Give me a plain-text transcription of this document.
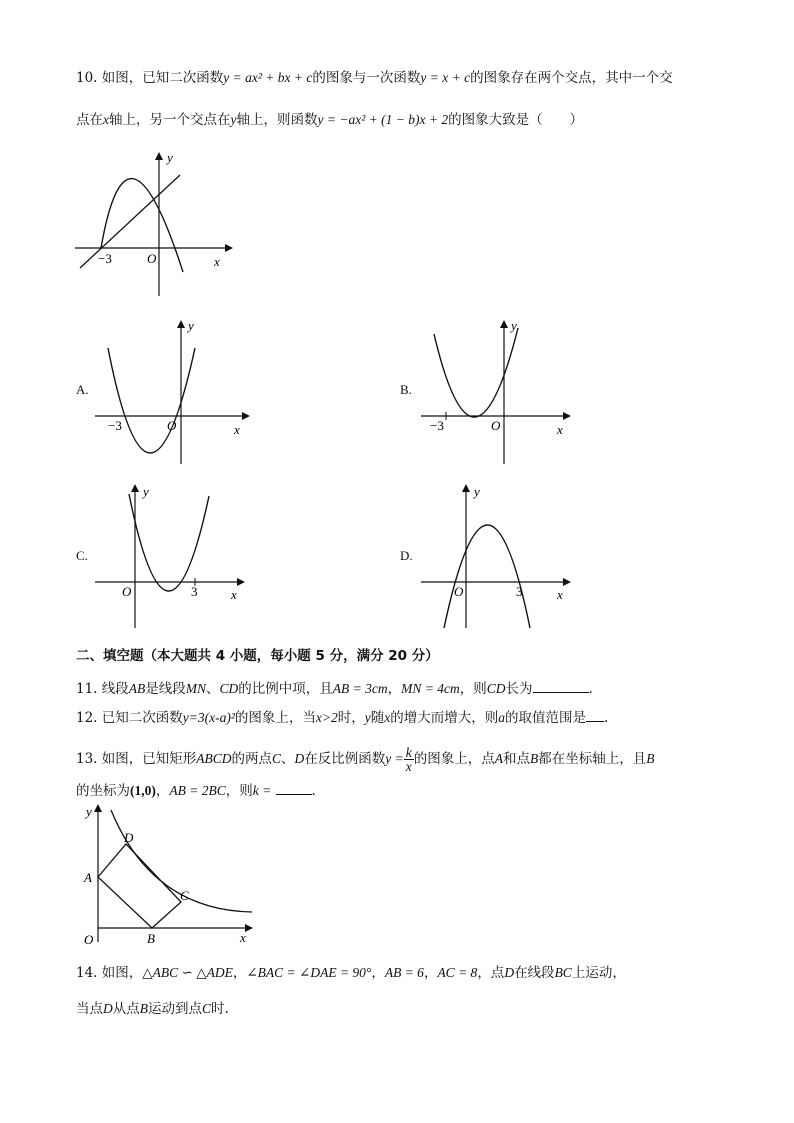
10. 如图，已知二次函数y = ax² + bx + c的图象与一次函数y = x + c的图象存在两个交点，其中一个交
点在x轴上，另一个交点在y轴上，则函数y = −ax² + (1 − b)x + 2的图象大致是（　　）
y
x
O
−3
A.
y
x
O
−3
B.
y
x
O
−3
C.
y
x
O	3
D.
y
x
O	3
二、填空题（本大题共 4 小题，每小题 5 分，满分 20 分）
11. 线段AB是线段MN、CD的比例中项，且AB = 3cm，MN = 4cm，则CD长为	.
12. 已知二次函数y=3(x-a)²的图象上，当x>2时，y随x的增大而增大，则a的取值范围是 .
13. 如图，已知矩形ABCD的两点C、D在反比例函数$y = \frac{k}{x}$ 的图象上，点A和点B都在坐标轴上，且B
的坐标为(1,0)，AB = 2BC，则k =	.
y
x
O
A
B
C
D
14. 如图，△ABC ∽ △ADE，∠BAC = ∠DAE = 90°，AB = 6，AC = 8，点D在线段BC上运动，
当点D从点B运动到点C时.
